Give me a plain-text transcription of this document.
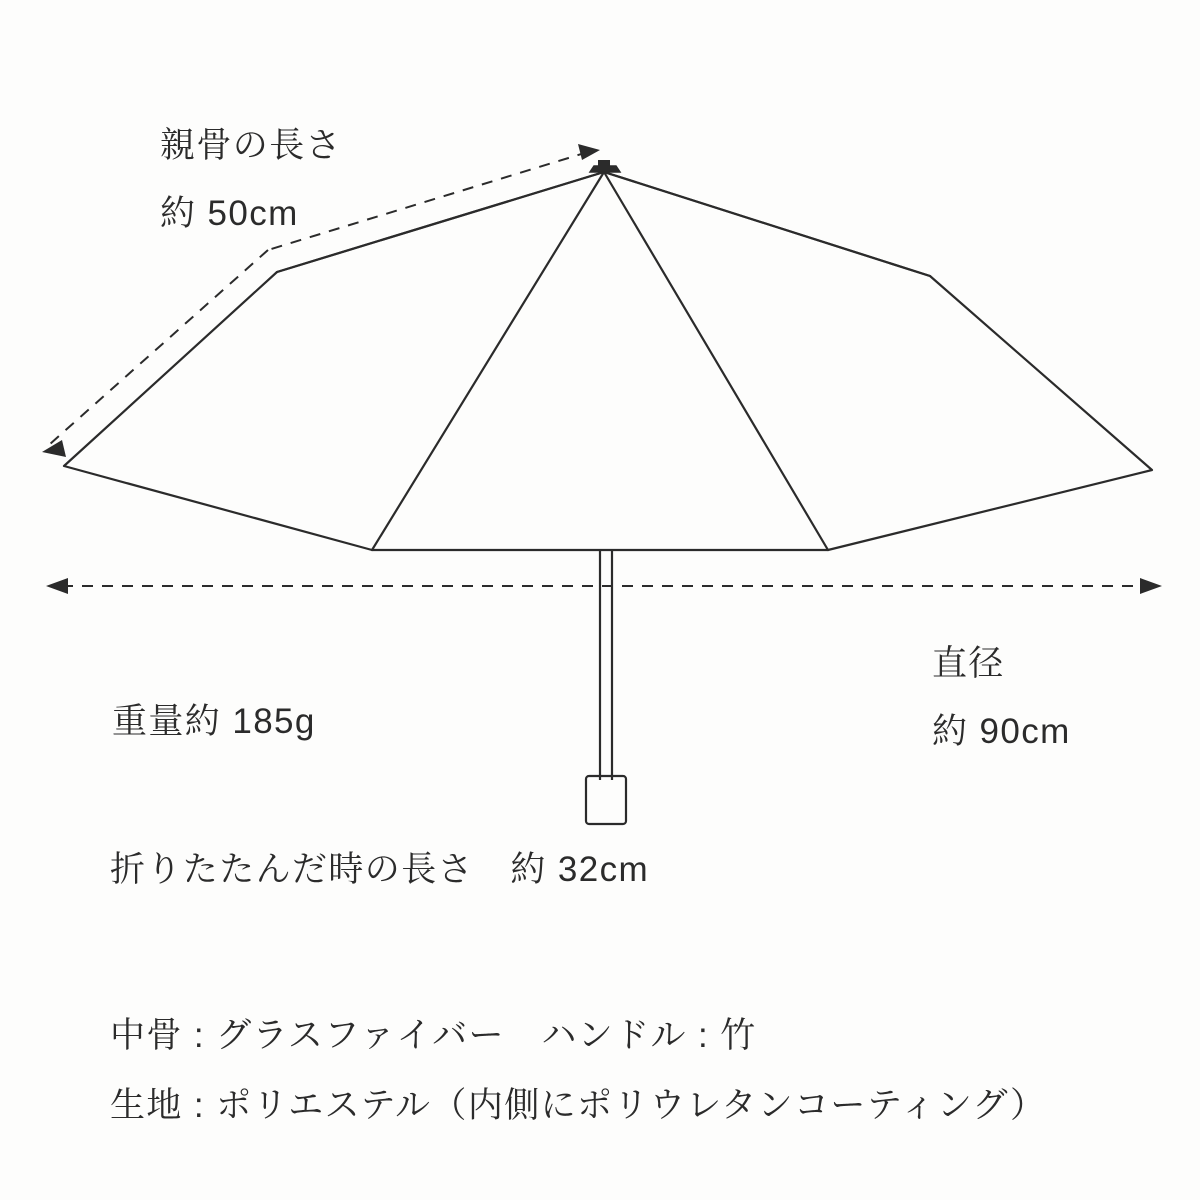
親骨の長さ
約 50cm
直径
約 90cm
重量約 185g
折りたたんだ時の長さ　約 32cm
中骨 : グラスファイバー　ハンドル : 竹
生地 : ポリエステル（内側にポリウレタンコーティング）
